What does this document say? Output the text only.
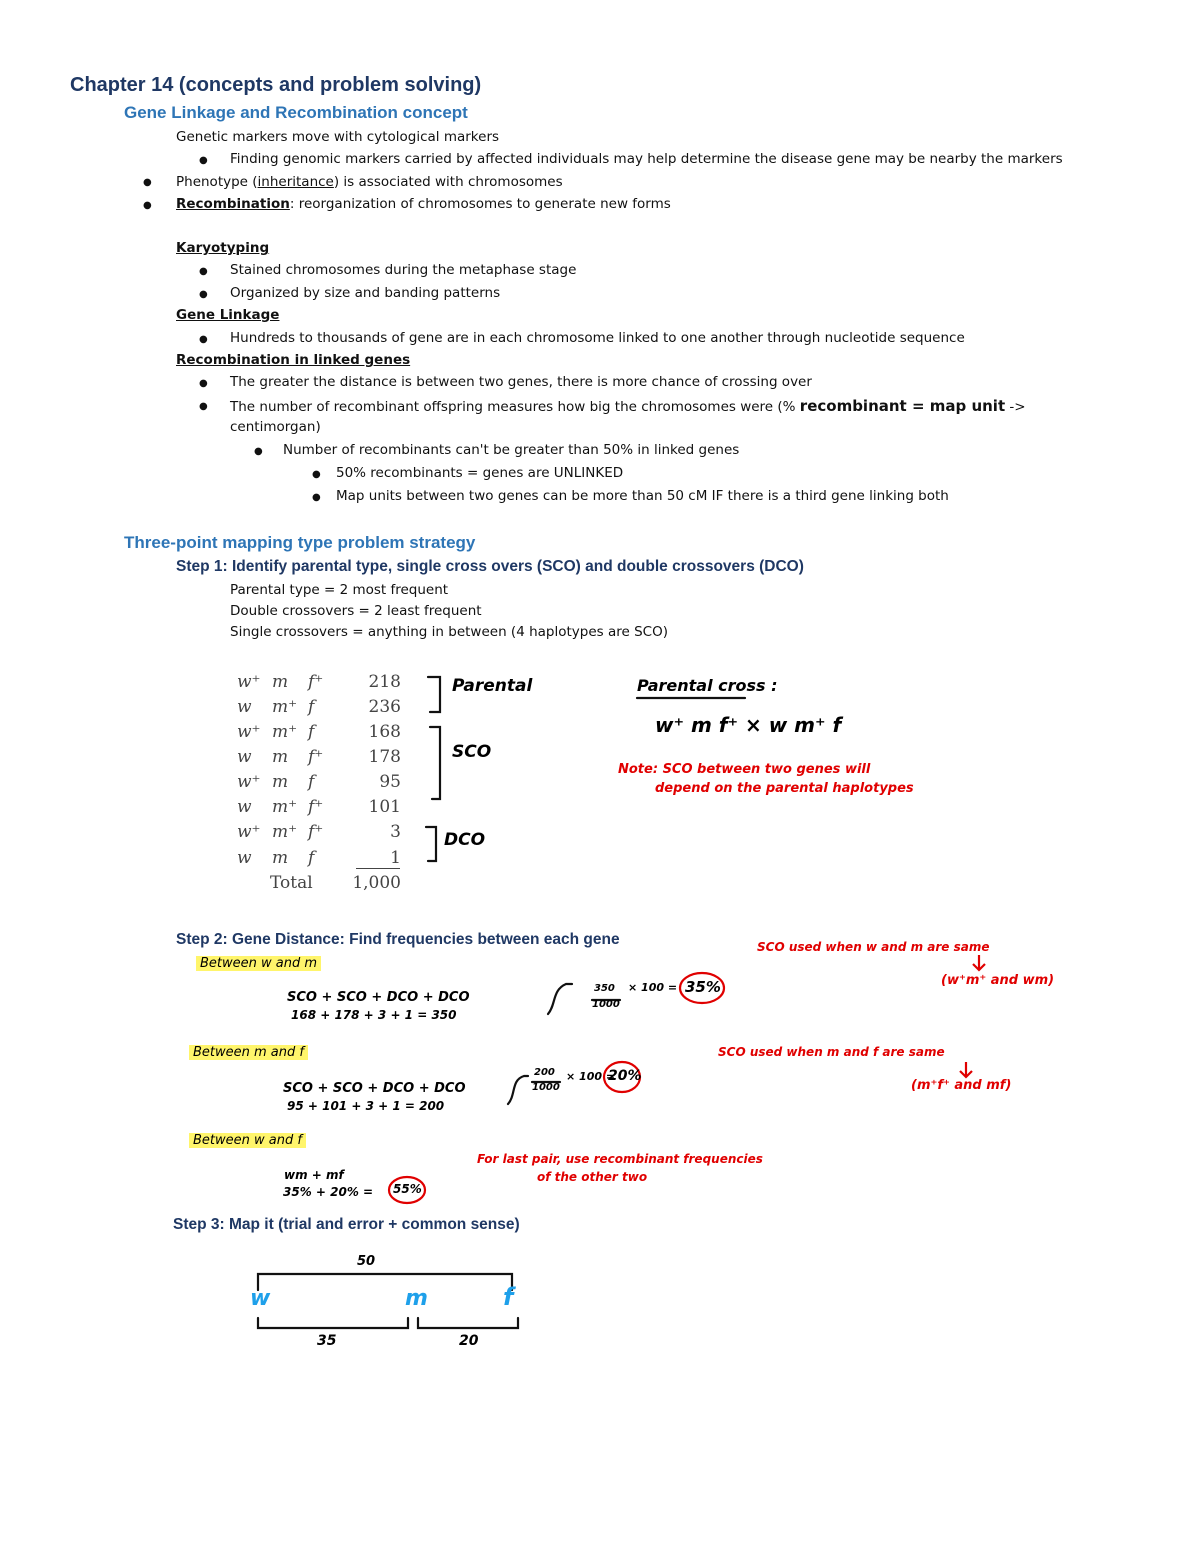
Chapter 14 (concepts and problem solving)
Gene Linkage and Recombination concept
Genetic markers move with cytological markers
● Finding genomic markers carried by affected individuals may help determine the disease gene may be nearby the markers
● Phenotype (inheritance) is associated with chromosomes
● Recombination: reorganization of chromosomes to generate new forms
Karyotyping
● Stained chromosomes during the metaphase stage
● Organized by size and banding patterns
Gene Linkage
● Hundreds to thousands of gene are in each chromosome linked to one another through nucleotide sequence
Recombination in linked genes
● The greater the distance is between two genes, there is more chance of crossing over
● The number of recombinant offspring measures how big the chromosomes were (% recombinant = map unit ->
centimorgan)
● Number of recombinants can't be greater than 50% in linked genes
● 50% recombinants = genes are UNLINKED
● Map units between two genes can be more than 50 cM IF there is a third gene linking both
Three-point mapping type problem strategy
Step 1: Identify parental type, single cross overs (SCO) and double crossovers (DCO)
Parental type = 2 most frequent
Double crossovers = 2 least frequent
Single crossovers = anything in between (4 haplotypes are SCO)
w⁺ m f⁺	218
w m⁺ f	236
w⁺ m⁺ f	168
w m f⁺	178
w⁺ m f	95
w m⁺ f⁺	101
w⁺ m⁺ f⁺	3
w m f	1
Total	1,000
Parental
SCO
DCO
Parental cross :
w⁺ m f⁺ × w m⁺ f
Note: SCO between two genes will
depend on the parental haplotypes
Step 2: Gene Distance: Find frequencies between each gene
Between w and m
SCO + SCO + DCO + DCO
168 + 178 + 3 + 1 = 350
350
1000
× 100 = 35%
SCO used when w and m are same
(w⁺m⁺ and wm)
Between m and f
SCO + SCO + DCO + DCO
95 + 101 + 3 + 1 = 200
200
1000
× 100 =
20%
SCO used when m and f are same
(m⁺f⁺ and mf)
Between w and f
wm + mf
35% + 20% = 55%
For last pair, use recombinant frequencies
of the other two
Step 3: Map it (trial and error + common sense)
50
w	m	f
35	20
